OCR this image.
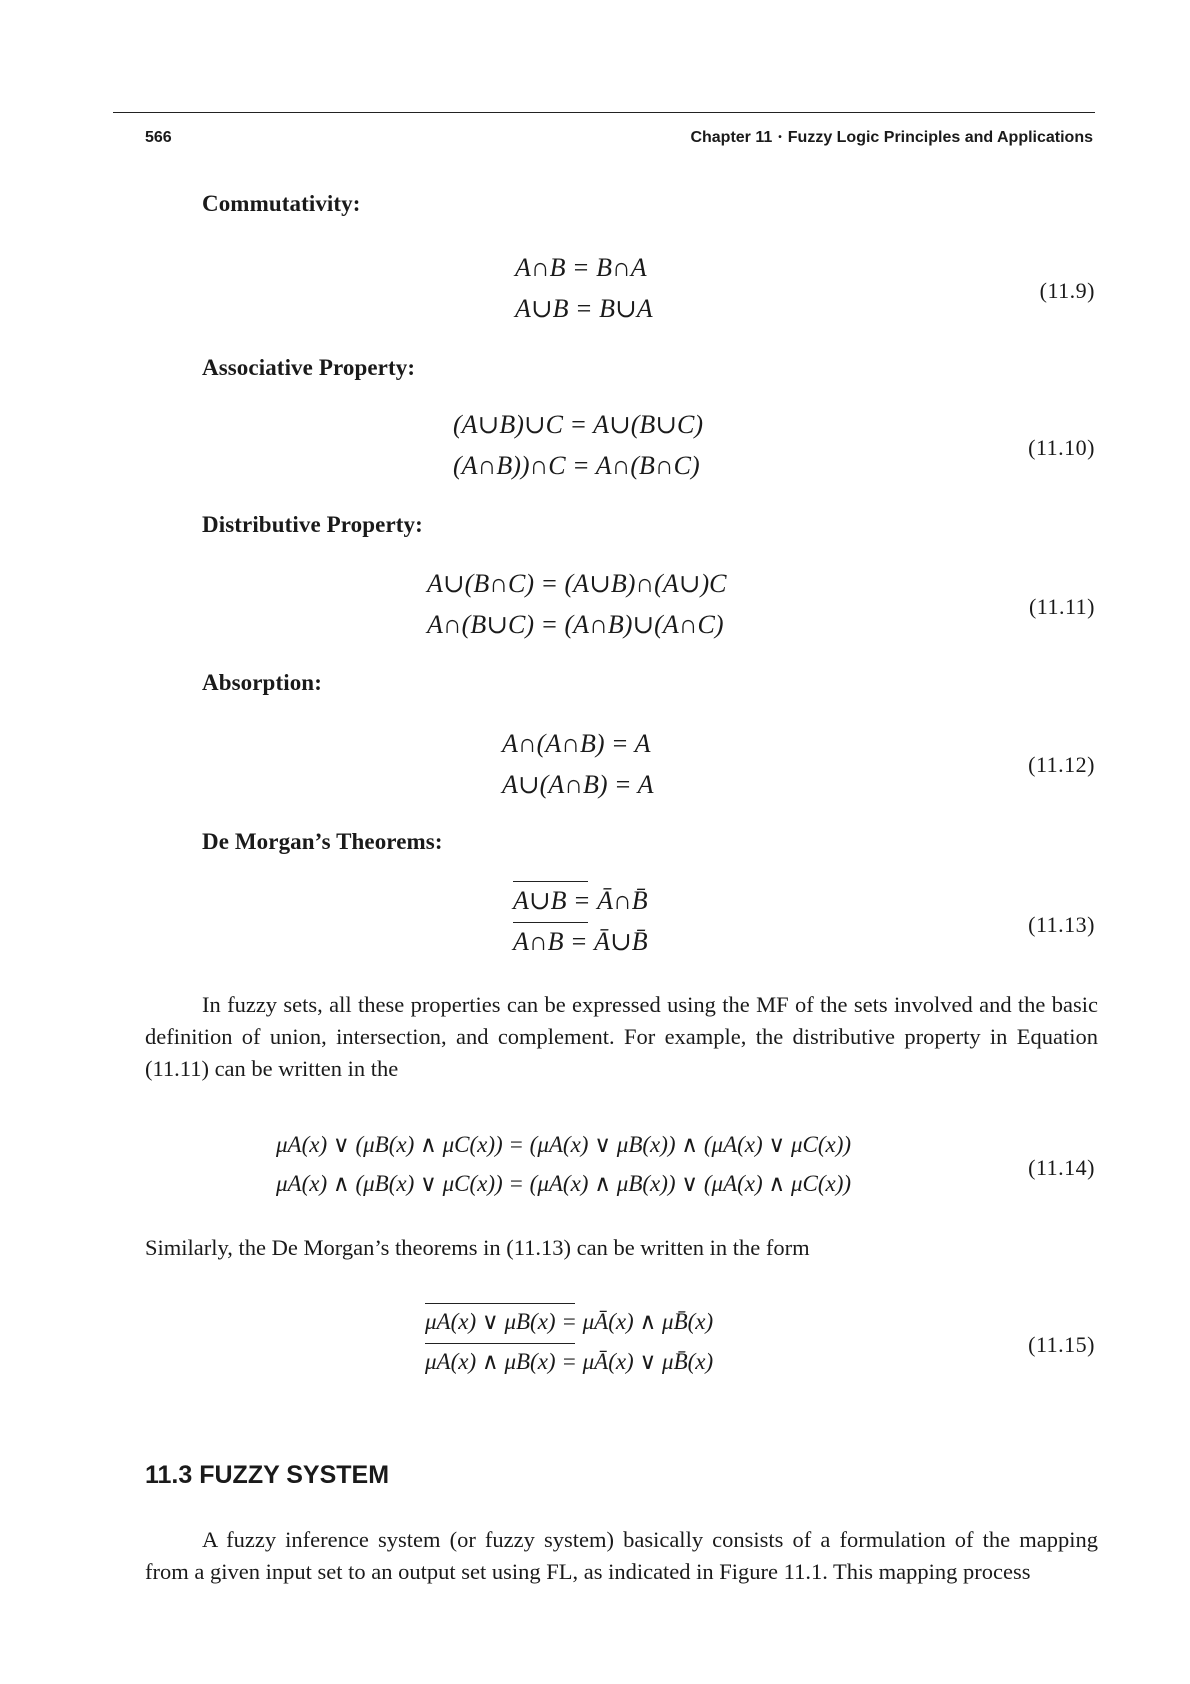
566	Chapter 11 • Fuzzy Logic Principles and Applications
Commutativity:
A∩B = B∩A
A∪B = B∪A
(11.9)
Associative Property:
(A∪B)∪C = A∪(B∪C)
(A∩B))∩C = A∩(B∩C)
(11.10)
Distributive Property:
A∪(B∩C) = (A∪B)∩(A∪)C
A∩(B∪C) = (A∩B)∪(A∩C)
(11.11)
Absorption:
A∩(A∩B) = A
A∪(A∩B) = A
(11.12)
De Morgan’s Theorems:
A∪B = Ā∩B̄
A∩B = Ā∪B̄
(11.13)
In fuzzy sets, all these properties can be expressed using the MF of the sets involved and the basic definition of union, intersection, and complement. For example, the distributive property in Equation (11.11) can be written in the
μA(x) ∨ (μB(x) ∧ μC(x)) = (μA(x) ∨ μB(x)) ∧ (μA(x) ∨ μC(x))
μA(x) ∧ (μB(x) ∨ μC(x)) = (μA(x) ∧ μB(x)) ∨ (μA(x) ∧ μC(x))
(11.14)
Similarly, the De Morgan’s theorems in (11.13) can be written in the form
μA(x) ∨ μB(x) = μĀ(x) ∧ μB̄(x)
μA(x) ∧ μB(x) = μĀ(x) ∨ μB̄(x)
(11.15)
11.3 FUZZY SYSTEM
A fuzzy inference system (or fuzzy system) basically consists of a formulation of the mapping from a given input set to an output set using FL, as indicated in Figure 11.1. This mapping process
